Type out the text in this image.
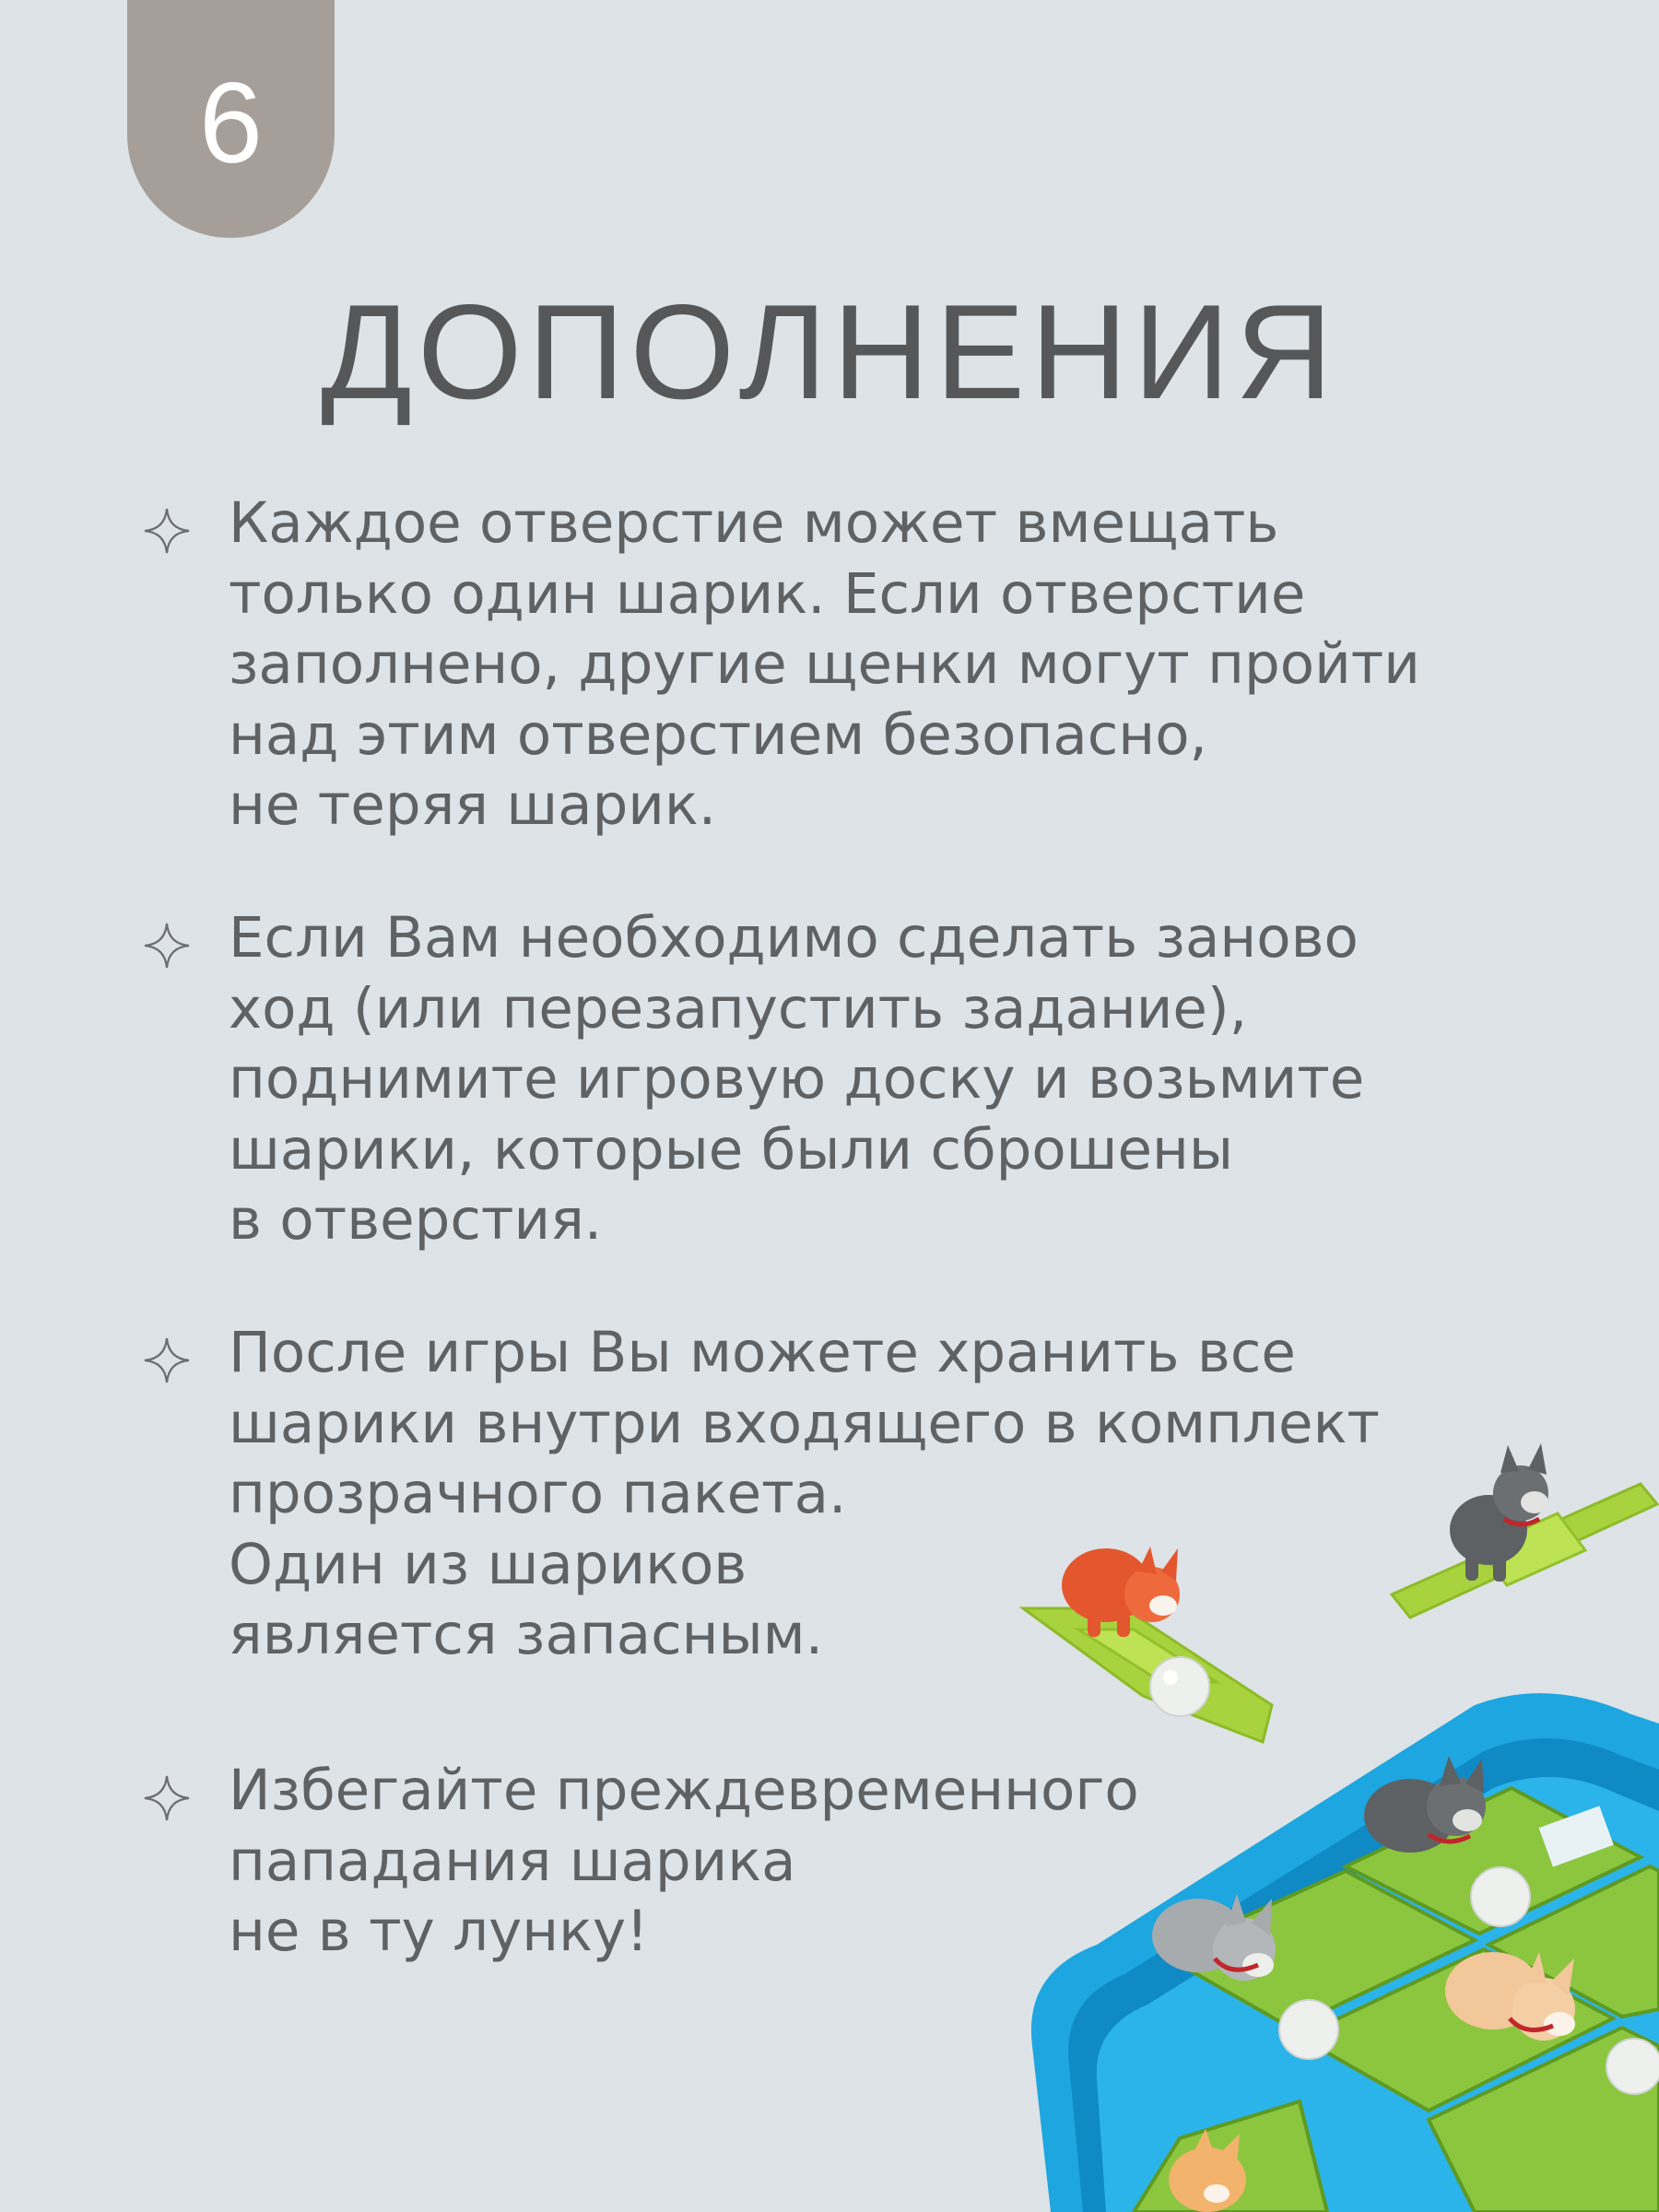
6
ДОПОЛНЕНИЯ

Каждое отверстие может вмещать
только один шарик. Если отверстие
заполнено, другие щенки могут пройти
над этим отверстием безопасно,
не теряя шарик.

Если Вам необходимо сделать заново
ход (или перезапустить задание),
поднимите игровую доску и возьмите
шарики, которые были сброшены
в отверстия.

После игры Вы можете хранить все
шарики внутри входящего в комплект
прозрачного пакета.
Один из шариков
является запасным.

Избегайте преждевременного
пападания шарика
не в ту лунку!
